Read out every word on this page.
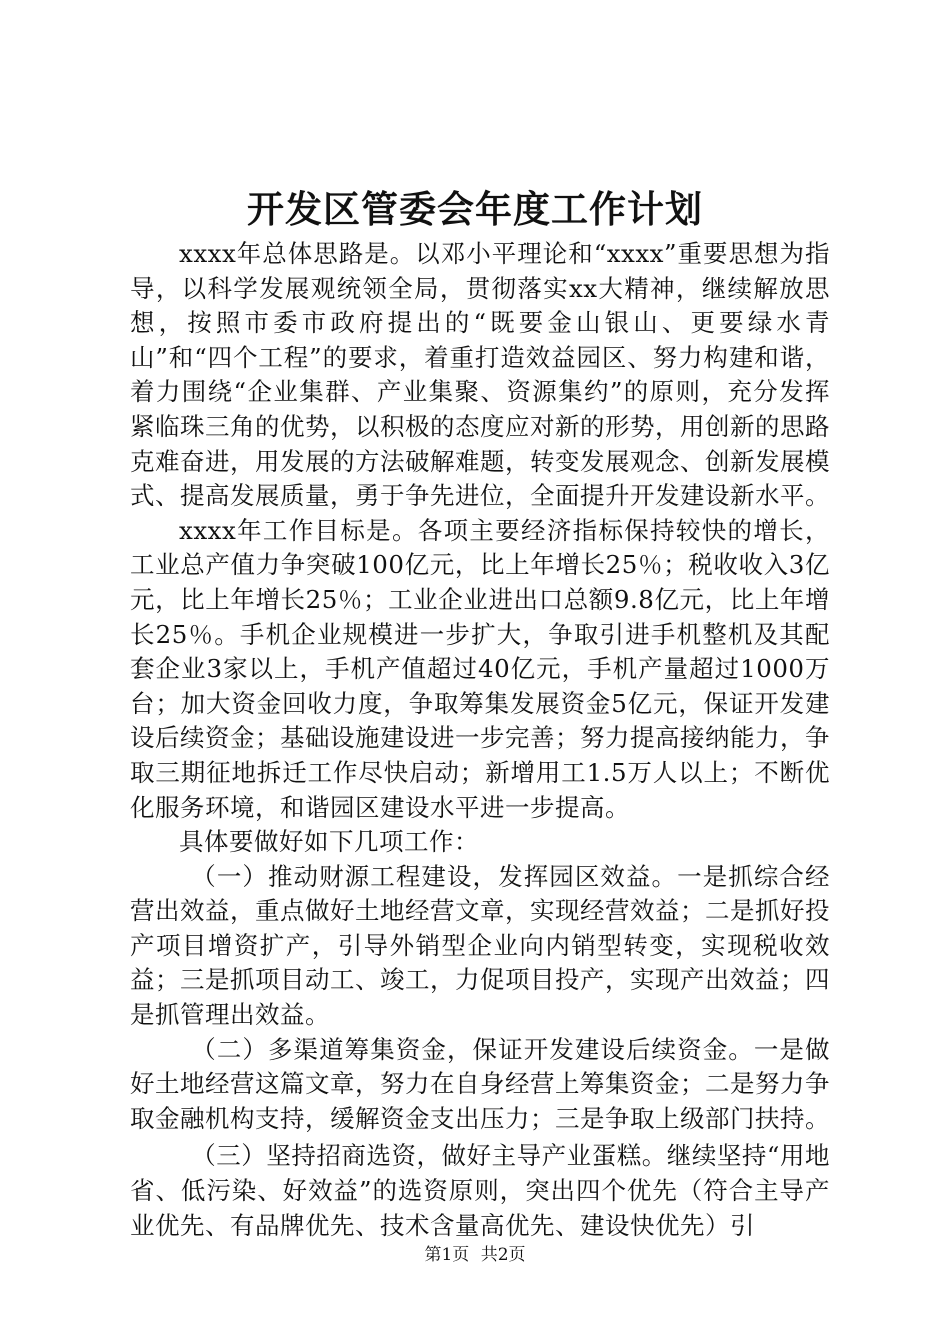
开发区管委会年度工作计划

xxxx年总体思路是。以邓小平理论和“xxxx”重要思想为指导，以科学发展观统领全局，贯彻落实xx大精神，继续解放思想，按照市委市政府提出的“既要金山银山、更要绿水青山”和“四个工程”的要求，着重打造效益园区、努力构建和谐，着力围绕“企业集群、产业集聚、资源集约”的原则，充分发挥紧临珠三角的优势，以积极的态度应对新的形势，用创新的思路克难奋进，用发展的方法破解难题，转变发展观念、创新发展模式、提高发展质量，勇于争先进位，全面提升开发建设新水平。

xxxx年工作目标是。各项主要经济指标保持较快的增长，工业总产值力争突破100亿元，比上年增长25％；税收收入3亿元，比上年增长25％；工业企业进出口总额9.8亿元，比上年增长25％。手机企业规模进一步扩大，争取引进手机整机及其配套企业3家以上，手机产值超过40亿元，手机产量超过1000万台；加大资金回收力度，争取筹集发展资金5亿元，保证开发建设后续资金；基础设施建设进一步完善；努力提高接纳能力，争取三期征地拆迁工作尽快启动；新增用工1.5万人以上；不断优化服务环境，和谐园区建设水平进一步提高。

具体要做好如下几项工作：

（一）推动财源工程建设，发挥园区效益。一是抓综合经营出效益，重点做好土地经营文章，实现经营效益；二是抓好投产项目增资扩产，引导外销型企业向内销型转变，实现税收效益；三是抓项目动工、竣工，力促项目投产，实现产出效益；四是抓管理出效益。

（二）多渠道筹集资金，保证开发建设后续资金。一是做好土地经营这篇文章，努力在自身经营上筹集资金；二是努力争取金融机构支持，缓解资金支出压力；三是争取上级部门扶持。

（三）坚持招商选资，做好主导产业蛋糕。继续坚持“用地省、低污染、好效益”的选资原则，突出四个优先（符合主导产业优先、有品牌优先、技术含量高优先、建设快优先）引

第1页 共2页
